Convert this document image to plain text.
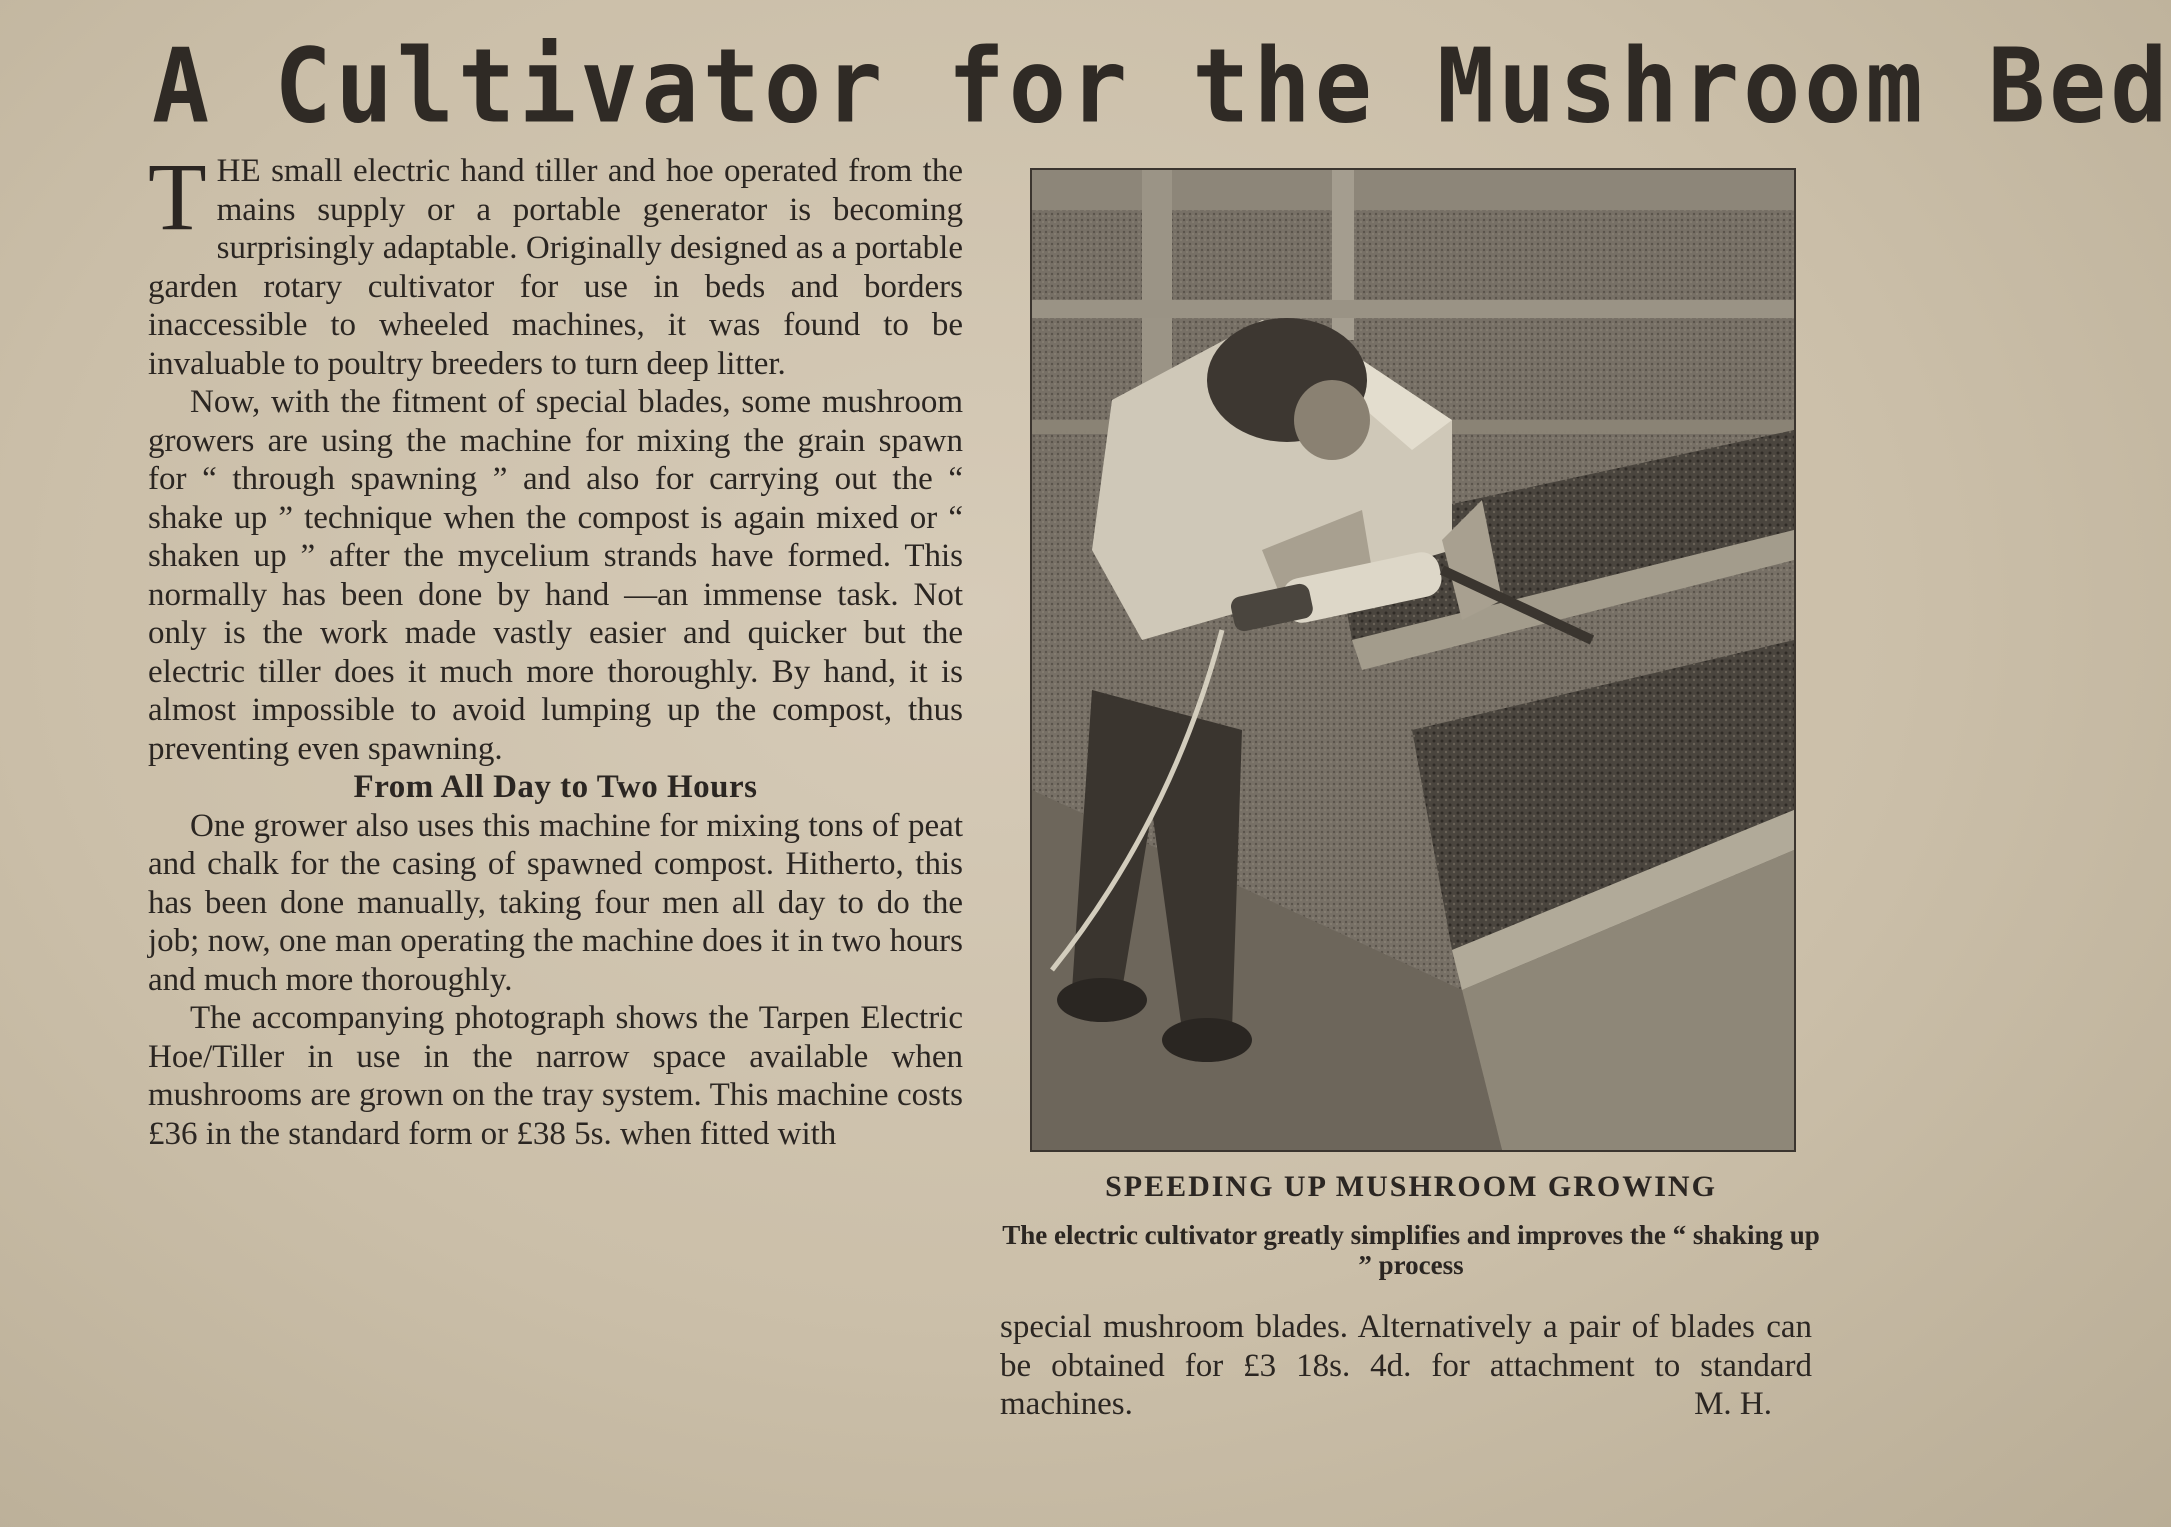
A Cultivator for the Mushroom Bed

THE small electric hand tiller and hoe operated from the mains supply or a portable generator is becoming surprisingly adaptable. Originally designed as a portable garden rotary cultivator for use in beds and borders inaccessible to wheeled machines, it was found to be invaluable to poultry breeders to turn deep litter.

Now, with the fitment of special blades, some mushroom growers are using the machine for mixing the grain spawn for “ through spawning ” and also for carrying out the “ shake up ” technique when the compost is again mixed or “ shaken up ” after the mycelium strands have formed. This normally has been done by hand —an immense task. Not only is the work made vastly easier and quicker but the electric tiller does it much more thoroughly. By hand, it is almost impossible to avoid lumping up the compost, thus preventing even spawning.

From All Day to Two Hours

One grower also uses this machine for mixing tons of peat and chalk for the casing of spawned compost. Hitherto, this has been done manually, taking four men all day to do the job; now, one man operating the machine does it in two hours and much more thoroughly.

The accompanying photograph shows the Tarpen Electric Hoe/Tiller in use in the narrow space available when mushrooms are grown on the tray system. This machine costs £36 in the standard form or £38 5s. when fitted with

SPEEDING UP MUSHROOM GROWING
The electric cultivator greatly simplifies and improves the “ shaking up ” process

special mushroom blades. Alternatively a pair of blades can be obtained for £3 18s. 4d. for attachment to standard machines.	M. H.
